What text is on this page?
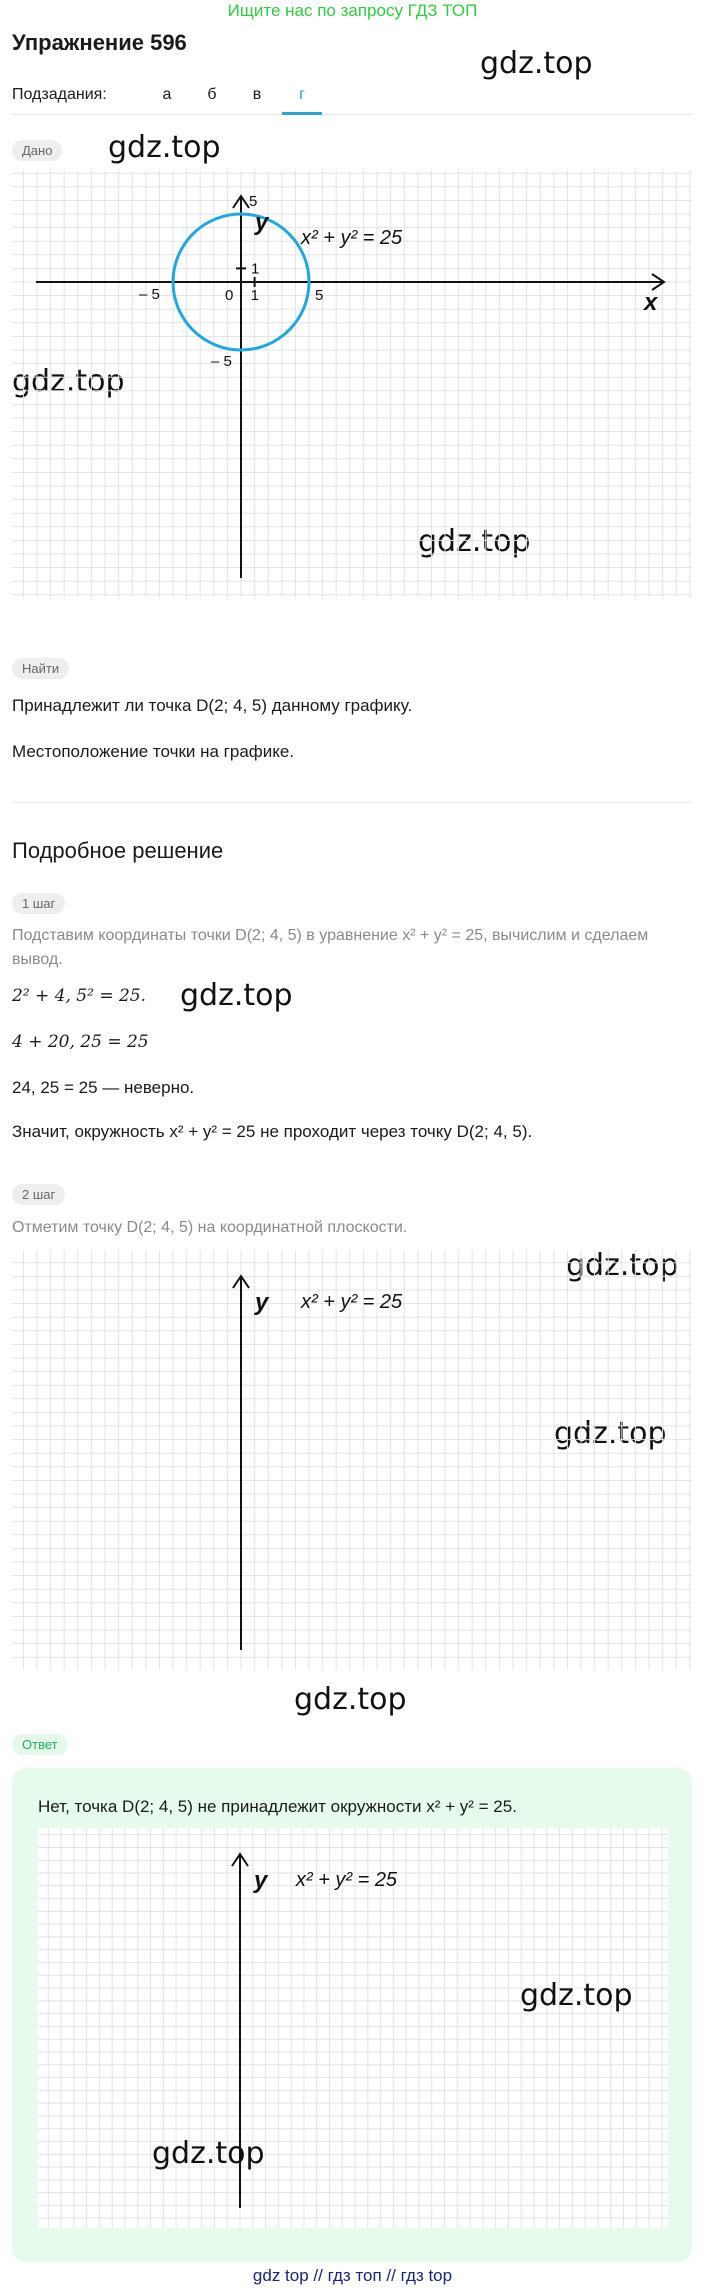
Ищите нас по запросу ГДЗ ТОП
Упражнение 596
gdz.top
Подзадания:	а	б	в	г
Дано	gdz.top
gdz.top
gdz.top
1
1
0
– 5	5
5
– 5
x
y
x² + y² = 25
Найти
Принадлежит ли точка D(2; 4, 5) данному графику.
Местоположение точки на графике.
Подробное решение
1 шаг
Подставим координаты точки D(2; 4, 5) в уравнение x² + y² = 25, вычислим и сделаем вывод.
2² + 4, 5² = 25. gdz.top
4 + 20, 25 = 25
24, 25 = 25 — неверно.
Значит, окружность x² + y² = 25 не проходит через точку D(2; 4, 5).
2 шаг
Отметим точку D(2; 4, 5) на координатной плоскости.
gdz.top
gdz.top
y x² + y² = 25
gdz.top
Ответ
Нет, точка D(2; 4, 5) не принадлежит окружности x² + y² = 25.
y x² + y² = 25
gdz.top
gdz.top
gdz top // гдз топ // гдз top
